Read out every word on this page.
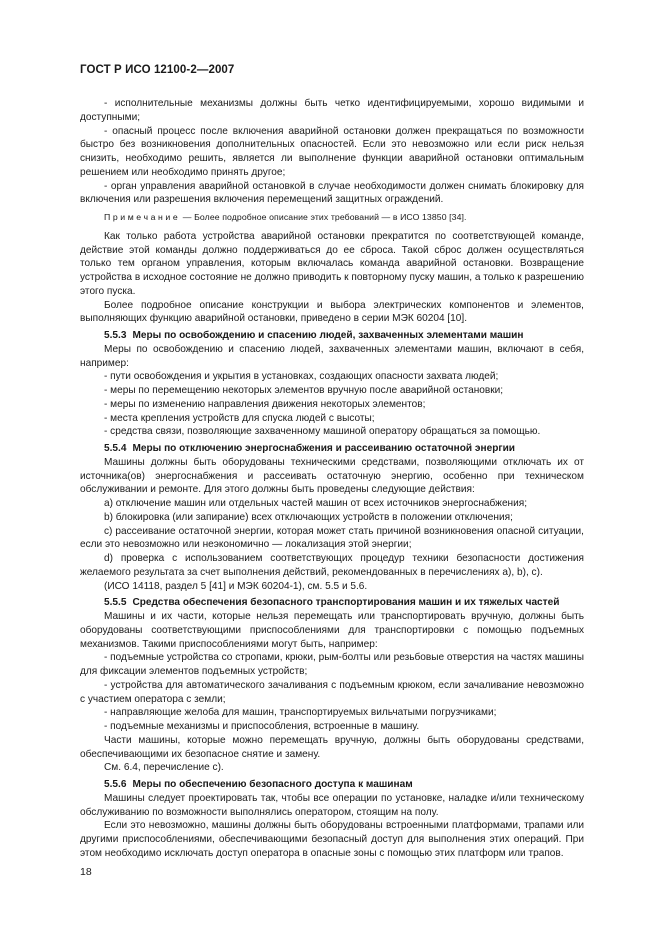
ГОСТ Р ИСО 12100-2—2007

- исполнительные механизмы должны быть четко идентифицируемыми, хорошо видимыми и доступными;

- опасный процесс после включения аварийной остановки должен прекращаться по возможности быстро без возникновения дополнительных опасностей. Если это невозможно или если риск нельзя снизить, необходимо решить, является ли выполнение функции аварийной остановки оптимальным решением или необходимо принять другое;

- орган управления аварийной остановкой в случае необходимости должен снимать блокировку для включения или разрешения включения перемещений защитных ограждений.

Примечание — Более подробное описание этих требований — в ИСО 13850 [34].

Как только работа устройства аварийной остановки прекратится по соответствующей команде, действие этой команды должно поддерживаться до ее сброса. Такой сброс должен осуществляться только тем органом управления, которым включалась команда аварийной остановки. Возвращение устройства в исходное состояние не должно приводить к повторному пуску машин, а только к разрешению этого пуска.

Более подробное описание конструкции и выбора электрических компонентов и элементов, выполняющих функцию аварийной остановки, приведено в серии МЭК 60204 [10].

5.5.3 Меры по освобождению и спасению людей, захваченных элементами машин

Меры по освобождению и спасению людей, захваченных элементами машин, включают в себя, например:

- пути освобождения и укрытия в установках, создающих опасности захвата людей;

- меры по перемещению некоторых элементов вручную после аварийной остановки;

- меры по изменению направления движения некоторых элементов;

- места крепления устройств для спуска людей с высоты;

- средства связи, позволяющие захваченному машиной оператору обращаться за помощью.

5.5.4 Меры по отключению энергоснабжения и рассеиванию остаточной энергии

Машины должны быть оборудованы техническими средствами, позволяющими отключать их от источника(ов) энергоснабжения и рассеивать остаточную энергию, особенно при техническом обслуживании и ремонте. Для этого должны быть проведены следующие действия:

a) отключение машин или отдельных частей машин от всех источников энергоснабжения;

b) блокировка (или запирание) всех отключающих устройств в положении отключения;

c) рассеивание остаточной энергии, которая может стать причиной возникновения опасной ситуации, если это невозможно или неэкономично — локализация этой энергии;

d) проверка с использованием соответствующих процедур техники безопасности достижения желаемого результата за счет выполнения действий, рекомендованных в перечислениях а), b), с).

(ИСО 14118, раздел 5 [41] и МЭК 60204-1), см. 5.5 и 5.6.

5.5.5 Средства обеспечения безопасного транспортирования машин и их тяжелых частей

Машины и их части, которые нельзя перемещать или транспортировать вручную, должны быть оборудованы соответствующими приспособлениями для транспортировки с помощью подъемных механизмов. Такими приспособлениями могут быть, например:

- подъемные устройства со стропами, крюки, рым-болты или резьбовые отверстия на частях машины для фиксации элементов подъемных устройств;

- устройства для автоматического зачаливания с подъемным крюком, если зачаливание невозможно с участием оператора с земли;

- направляющие желоба для машин, транспортируемых вильчатыми погрузчиками;

- подъемные механизмы и приспособления, встроенные в машину.

Части машины, которые можно перемещать вручную, должны быть оборудованы средствами, обеспечивающими их безопасное снятие и замену.

См. 6.4, перечисление с).

5.5.6 Меры по обеспечению безопасного доступа к машинам

Машины следует проектировать так, чтобы все операции по установке, наладке и/или техническому обслуживанию по возможности выполнялись оператором, стоящим на полу.

Если это невозможно, машины должны быть оборудованы встроенными платформами, трапами или другими приспособлениями, обеспечивающими безопасный доступ для выполнения этих операций. При этом необходимо исключать доступ оператора в опасные зоны с помощью этих платформ или трапов.

18
